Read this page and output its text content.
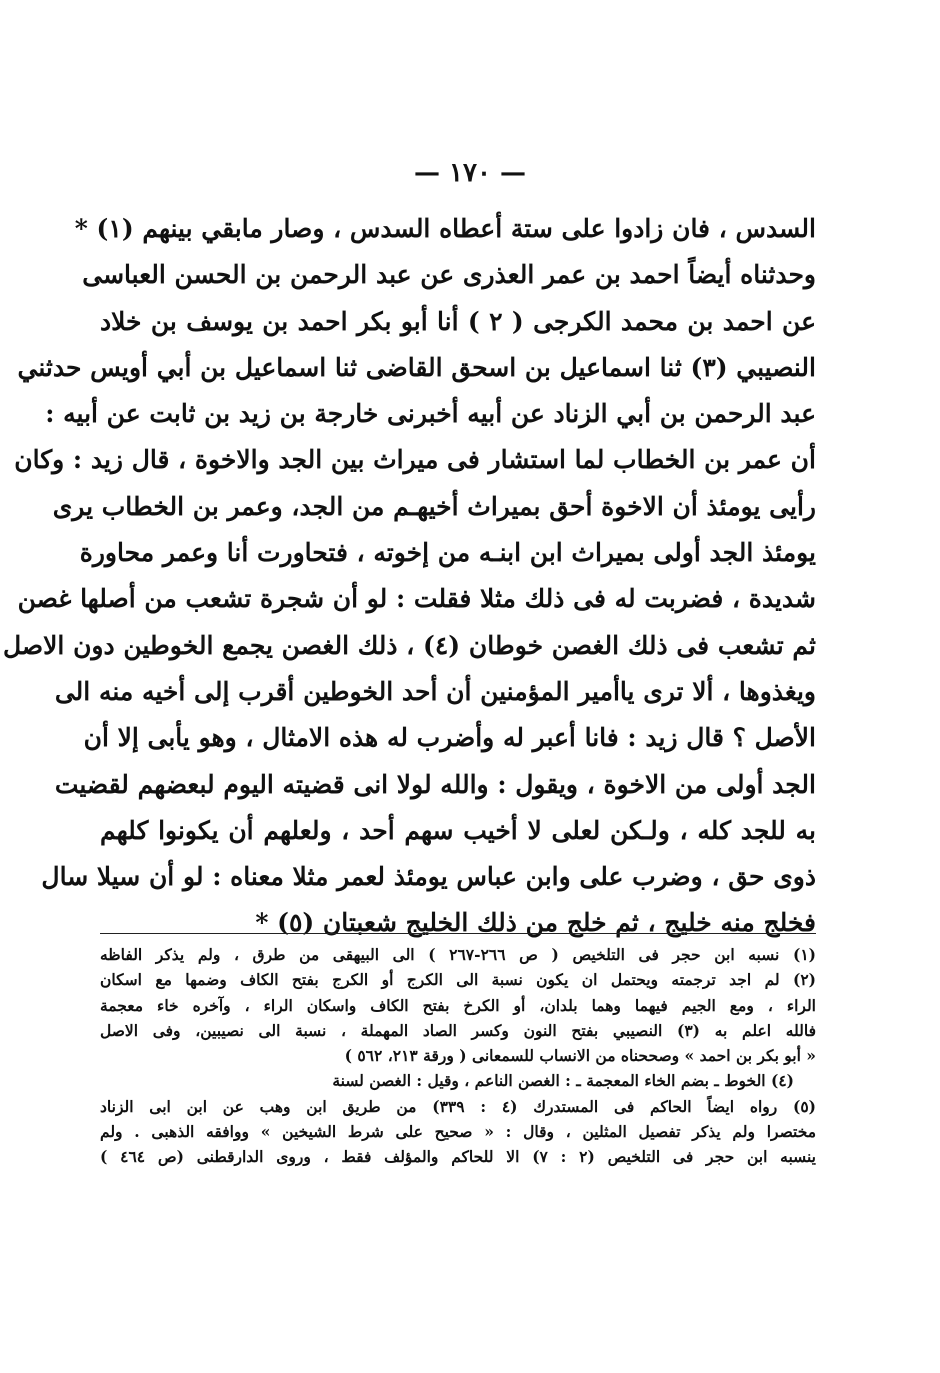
— ١٧٠ —
السدس ، فان زادوا على ستة أعطاه السدس ، وصار مابقي بينهم (١) *
وحدثناه أيضاً احمد بن عمر العذرى عن عبد الرحمن بن الحسن العباسى
عن احمد بن محمد الكرجى ( ٢ ) أنا أبو بكر احمد بن يوسف بن خلاد
النصيبي (٣) ثنا اسماعيل بن اسحق القاضى ثنا اسماعيل بن أبي أويس حدثني
عبد الرحمن بن أبي الزناد عن أبيه أخبرنى خارجة بن زيد بن ثابت عن أبيه :
أن عمر بن الخطاب لما استشار فى ميراث بين الجد والاخوة ، قال زيد : وكان
رأيى يومئذ أن الاخوة أحق بميراث أخيهـم من الجد، وعمر بن الخطاب يرى
يومئذ الجد أولى بميراث ابن ابنـه من إخوته ، فتحاورت أنا وعمر محاورة
شديدة ، فضربت له فى ذلك مثلا فقلت : لو أن شجرة تشعب من أصلها غصن
ثم تشعب فى ذلك الغصن خوطان (٤) ، ذلك الغصن يجمع الخوطين دون الاصل
ويغذوها ، ألا ترى ياأمير المؤمنين أن أحد الخوطين أقرب إلى أخيه منه الى
الأصل ؟ قال زيد : فانا أعبر له وأضرب له هذه الامثال ، وهو يأبى إلا أن
الجد أولى من الاخوة ، ويقول : والله لولا انى قضيته اليوم لبعضهم لقضيت
به للجد كله ، ولـكن لعلى لا أخيب سهم أحد ، ولعلهم أن يكونوا كلهم
ذوى حق ، وضرب على وابن عباس يومئذ لعمر مثلا معناه : لو أن سيلا سال
فخلج منه خليج ، ثم خلج من ذلك الخليج شعبتان (٥) *
(١) نسبه ابن حجر فى التلخيص ( ص ٢٦٦-٢٦٧ ) الى البيهقى من طرق ، ولم يذكر الفاظه
(٢) لم اجد ترجمته ويحتمل ان يكون نسبة الى الكرج أو الكرج بفتح الكاف وضمها مع اسكان
الراء ، ومع الجيم فيهما وهما بلدان، أو الكرخ بفتح الكاف واسكان الراء ، وآخره خاء معجمة
فالله اعلم به (٣) النصيبي بفتح النون وكسر الصاد المهملة ، نسبة الى نصيبين، وفى الاصل
« أبو بكر بن احمد » وصححناه من الانساب للسمعانى ( ورقة ٢١٣، ٥٦٢ )
(٤) الخوط ـ بضم الخاء المعجمة ـ : الغصن الناعم ، وقيل : الغصن لسنة
(٥) رواه ايضاً الحاكم فى المستدرك (٤ : ٣٣٩) من طريق ابن وهب عن ابن ابى الزناد
مختصرا ولم يذكر تفصيل المثلين ، وقال : « صحيح على شرط الشيخين » ووافقه الذهبى . ولم
ينسبه ابن حجر فى التلخيص (٢ : ٧) الا للحاكم والمؤلف فقط ، وروى الدارقطنى (ص ٤٦٤ )
